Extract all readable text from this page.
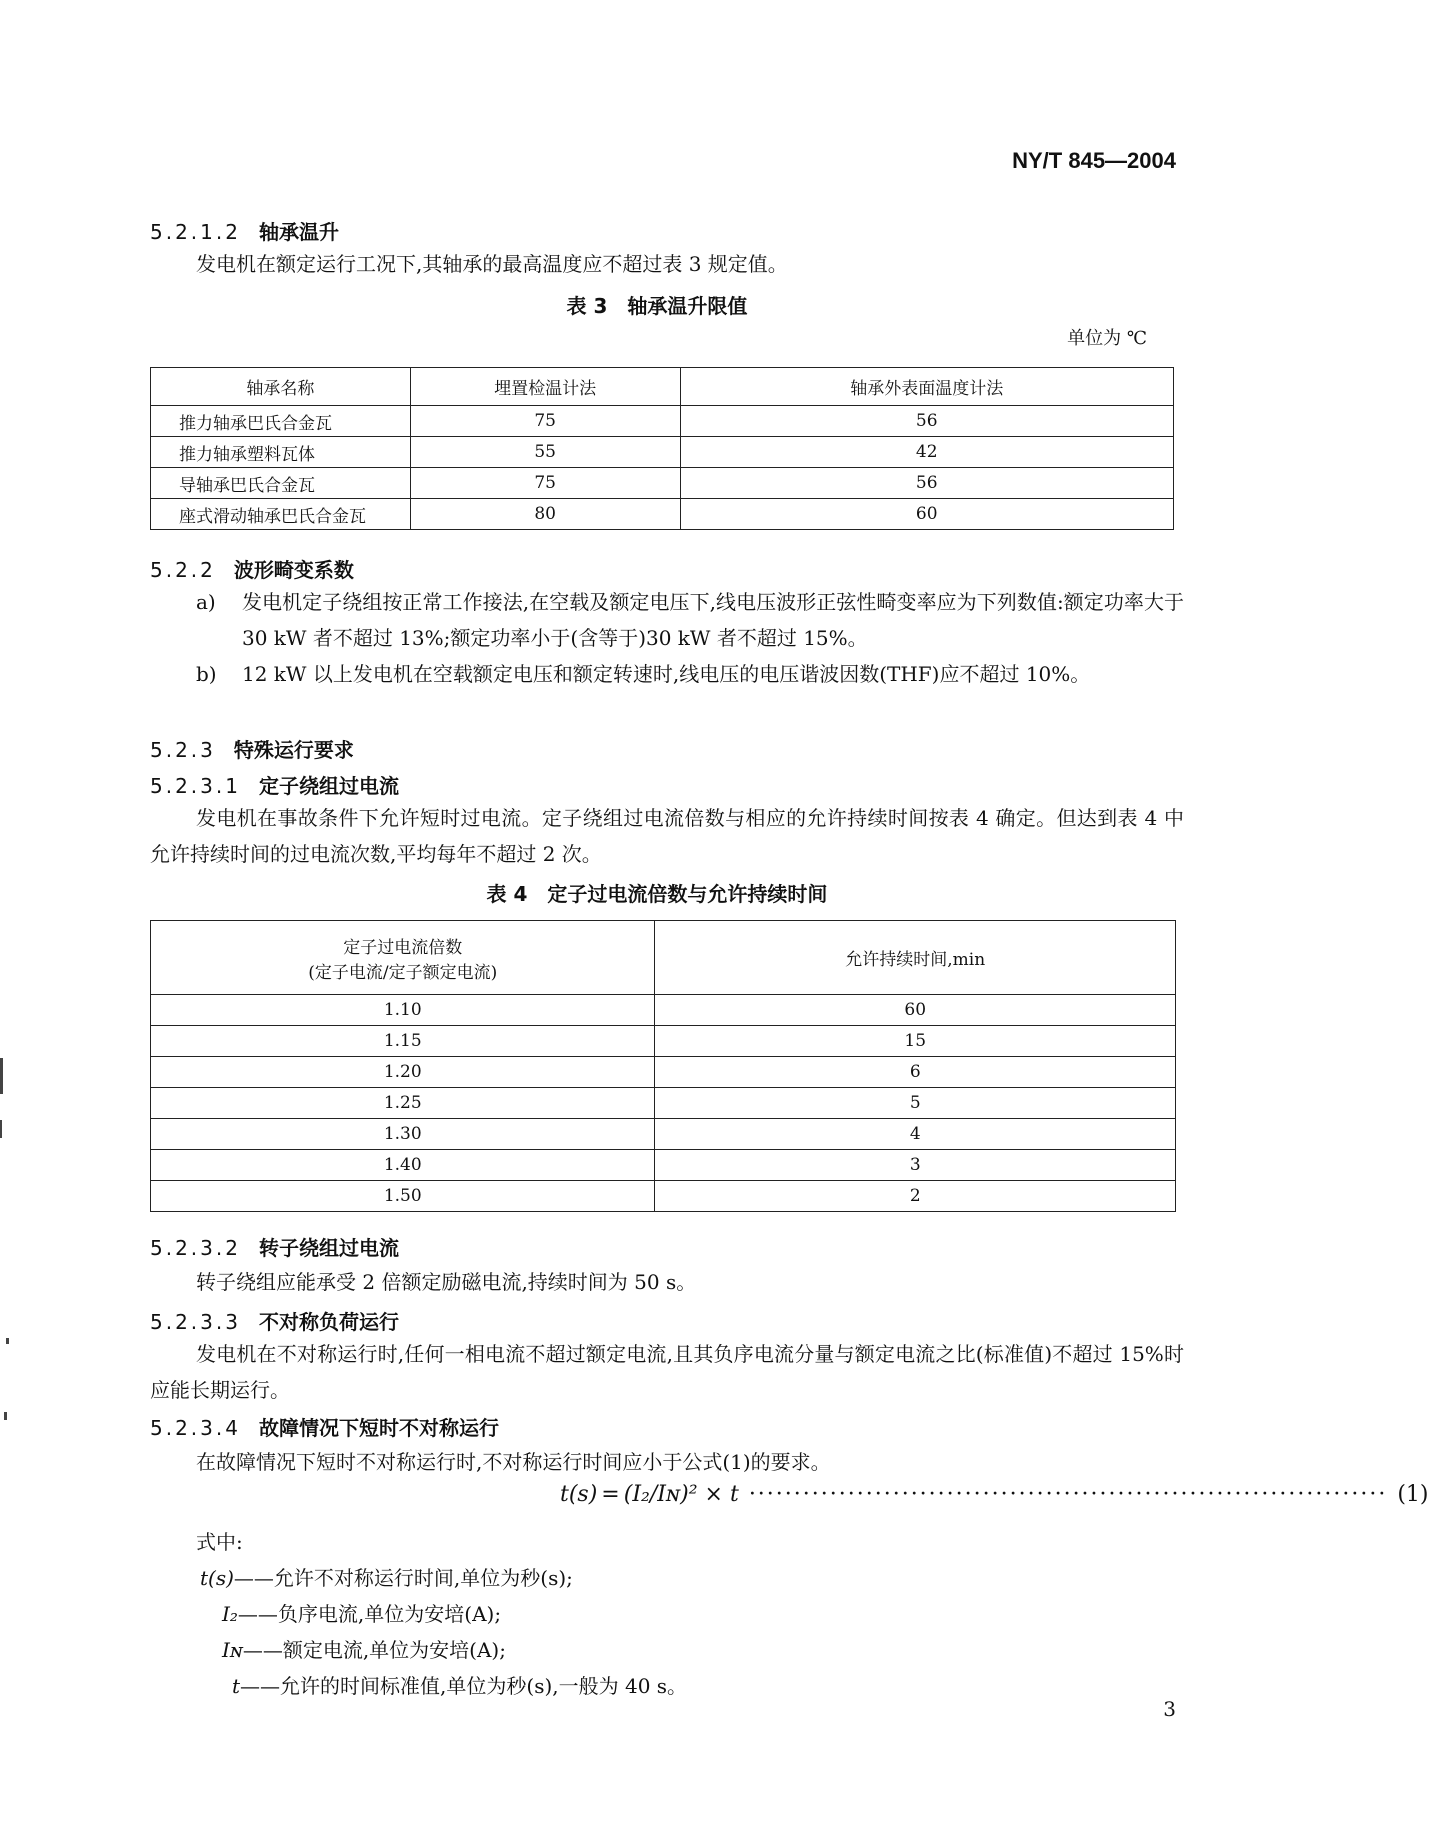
NY/T 845—2004
5.2.1.2 轴承温升
发电机在额定运行工况下,其轴承的最高温度应不超过表 3 规定值。
表 3　轴承温升限值
单位为 ℃
轴承名称	埋置检温计法	轴承外表面温度计法
推力轴承巴氏合金瓦	75	56
推力轴承塑料瓦体	55	42
导轴承巴氏合金瓦	75	56
座式滑动轴承巴氏合金瓦	80	60
5.2.2 波形畸变系数
a) 发电机定子绕组按正常工作接法,在空载及额定电压下,线电压波形正弦性畸变率应为下列数值:额定功率大于 30 kW 者不超过 13%;额定功率小于(含等于)30 kW 者不超过 15%。
b) 12 kW 以上发电机在空载额定电压和额定转速时,线电压的电压谐波因数(THF)应不超过 10%。
5.2.3 特殊运行要求
5.2.3.1 定子绕组过电流
发电机在事故条件下允许短时过电流。定子绕组过电流倍数与相应的允许持续时间按表 4 确定。但达到表 4 中允许持续时间的过电流次数,平均每年不超过 2 次。
表 4　定子过电流倍数与允许持续时间
定子过电流倍数
(定子电流/定子额定电流)	允许持续时间,min
1.10	60
1.15	15
1.20	6
1.25	5
1.30	4
1.40	3
1.50	2
5.2.3.2 转子绕组过电流
转子绕组应能承受 2 倍额定励磁电流,持续时间为 50 s。
5.2.3.3 不对称负荷运行
发电机在不对称运行时,任何一相电流不超过额定电流,且其负序电流分量与额定电流之比(标准值)不超过 15%时应能长期运行。
5.2.3.4 故障情况下短时不对称运行
在故障情况下短时不对称运行时,不对称运行时间应小于公式(1)的要求。
t(s) = (I₂/Iɴ)² × t ······································································· (1)
式中:
t(s)——允许不对称运行时间,单位为秒(s);
I₂——负序电流,单位为安培(A);
Iɴ——额定电流,单位为安培(A);
t——允许的时间标准值,单位为秒(s),一般为 40 s。
3
